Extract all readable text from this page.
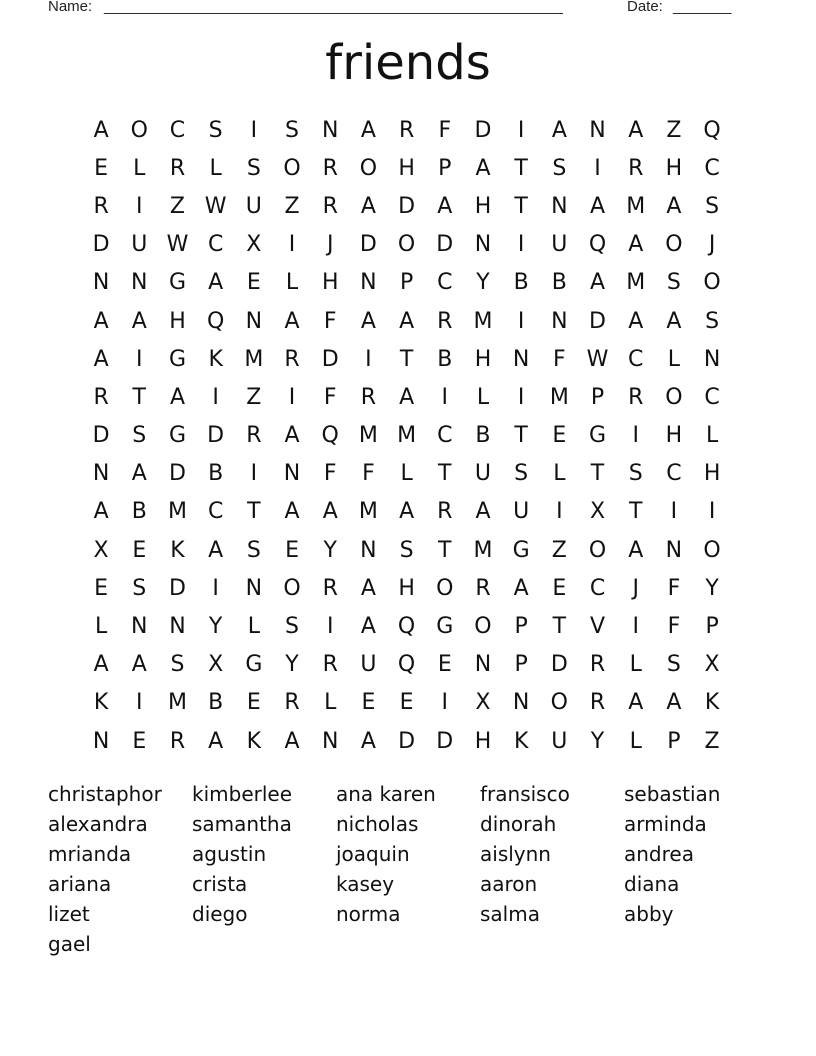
Name: _______________________________________________________	Date: _______
friends
A O C	S	I	S	N	A	R	F	D	I	A	N	A	Z Q
E	L	R	L	S	O R O H	P	A	T	S	I	R	H	C
R	I	Z W U	Z	R	A	D	A	H	T	N	A M A	S
D U W C	X	I	J	D O D N	I	U Q	A O	J
N N G	A	E	L	H N	P	C	Y	B	B	A M S	O
A	A	H Q N	A	F	A	A	R M	I	N D	A	A	S
A	I	G	K M R	D	I	T	B	H N	F W C	L	N
R	T	A	I	Z	I	F	R	A	I	L	I	M	P	R O C
D	S	G D	R	A Q M M C	B	T	E	G	I	H	L
N	A	D	B	I	N	F	F	L	T	U	S	L	T	S	C	H
A	B M C	T	A	A M A	R	A	U	I	X	T	I	I
X	E	K	A	S	E	Y	N	S	T M G	Z O	A	N O
E	S	D	I	N O R	A	H O R	A	E	C	J	F	Y
L	N N	Y	L	S	I	A Q G O	P	T	V	I	F	P
A	A	S	X	G	Y	R	U Q	E	N	P	D	R	L	S	X
K	I	M B	E	R	L	E	E	I	X	N O R	A	A	K
N	E	R	A	K	A	N	A	D D H	K	U	Y	L	P	Z
christaphor	kimberlee	ana karen	fransisco	sebastian
alexandra	samantha	nicholas	dinorah	arminda
mrianda	agustin	joaquin	aislynn	andrea
ariana	crista	kasey	aaron	diana
lizet	diego	norma	salma	abby
gael
